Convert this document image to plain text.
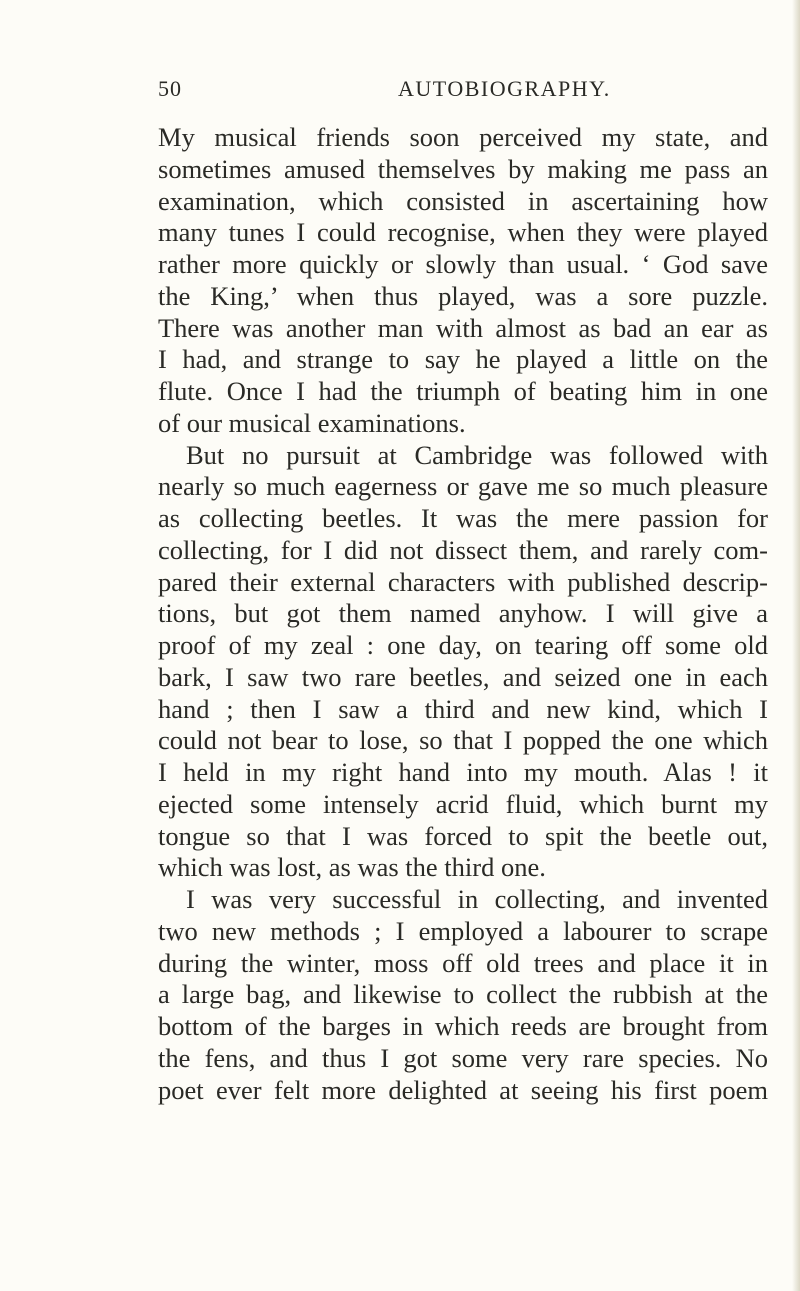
50	AUTOBIOGRAPHY.
My musical friends soon perceived my state, and
sometimes amused themselves by making me pass an
examination, which consisted in ascertaining how
many tunes I could recognise, when they were played
rather more quickly or slowly than usual. ‘ God save
the King,’ when thus played, was a sore puzzle.
There was another man with almost as bad an ear as
I had, and strange to say he played a little on the
flute. Once I had the triumph of beating him in one
of our musical examinations.
But no pursuit at Cambridge was followed with
nearly so much eagerness or gave me so much pleasure
as collecting beetles. It was the mere passion for
collecting, for I did not dissect them, and rarely com-
pared their external characters with published descrip-
tions, but got them named anyhow. I will give a
proof of my zeal : one day, on tearing off some old
bark, I saw two rare beetles, and seized one in each
hand ; then I saw a third and new kind, which I
could not bear to lose, so that I popped the one which
I held in my right hand into my mouth. Alas ! it
ejected some intensely acrid fluid, which burnt my
tongue so that I was forced to spit the beetle out,
which was lost, as was the third one.
I was very successful in collecting, and invented
two new methods ; I employed a labourer to scrape
during the winter, moss off old trees and place it in
a large bag, and likewise to collect the rubbish at the
bottom of the barges in which reeds are brought from
the fens, and thus I got some very rare species. No
poet ever felt more delighted at seeing his first poem
